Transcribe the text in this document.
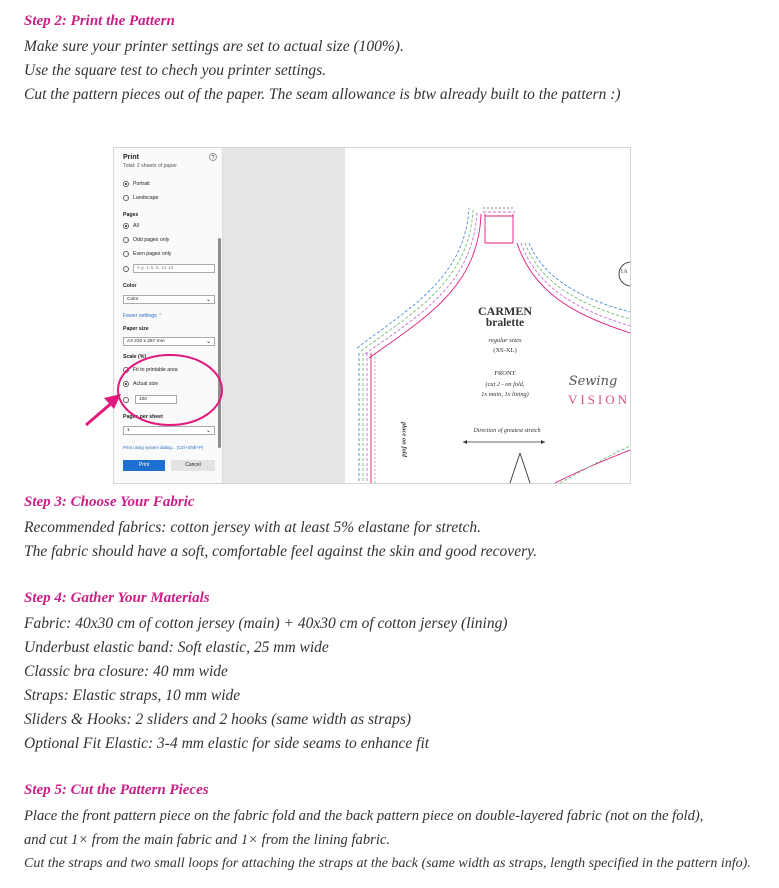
Step 2: Print the Pattern
Make sure your printer settings are set to actual size (100%).
Use the square test to chech you printer settings.
Cut the pattern pieces out of the paper. The seam allowance is btw already built to the pattern :)
Print
Total: 2 sheets of paper
?
Portrait
Landscape
Pages
All
Odd pages only
Even pages only
e.g. 1-5, 8, 11-13
Color
Color	⌄
Fewer settings ⌃
Paper size
A4 210 x 297 mm	⌄
Scale (%)
Fit to printable area
Actual size
100
Pages per sheet
1	⌄
Print using system dialog... (Ctrl+Shift+P)
Print	Cancel
CARMEN
bralette
regular sizes
(XS-XL)
FRONT
(cut 2 - on fold,
1x main, 1x lining)
Direction of greatest stretch
place on fold
Sewing
VISION
1A
Step 3: Choose Your Fabric
Recommended fabrics: cotton jersey with at least 5% elastane for stretch.
The fabric should have a soft, comfortable feel against the skin and good recovery.
Step 4: Gather Your Materials
Fabric: 40x30 cm of cotton jersey (main) + 40x30 cm of cotton jersey (lining)
Underbust elastic band: Soft elastic, 25 mm wide
Classic bra closure: 40 mm wide
Straps: Elastic straps, 10 mm wide
Sliders & Hooks: 2 sliders and 2 hooks (same width as straps)
Optional Fit Elastic: 3-4 mm elastic for side seams to enhance fit
Step 5: Cut the Pattern Pieces
Place the front pattern piece on the fabric fold and the back pattern piece on double-layered fabric (not on the fold),
and cut 1× from the main fabric and 1× from the lining fabric.
Cut the straps and two small loops for attaching the straps at the back (same width as straps, length specified in the pattern info).
